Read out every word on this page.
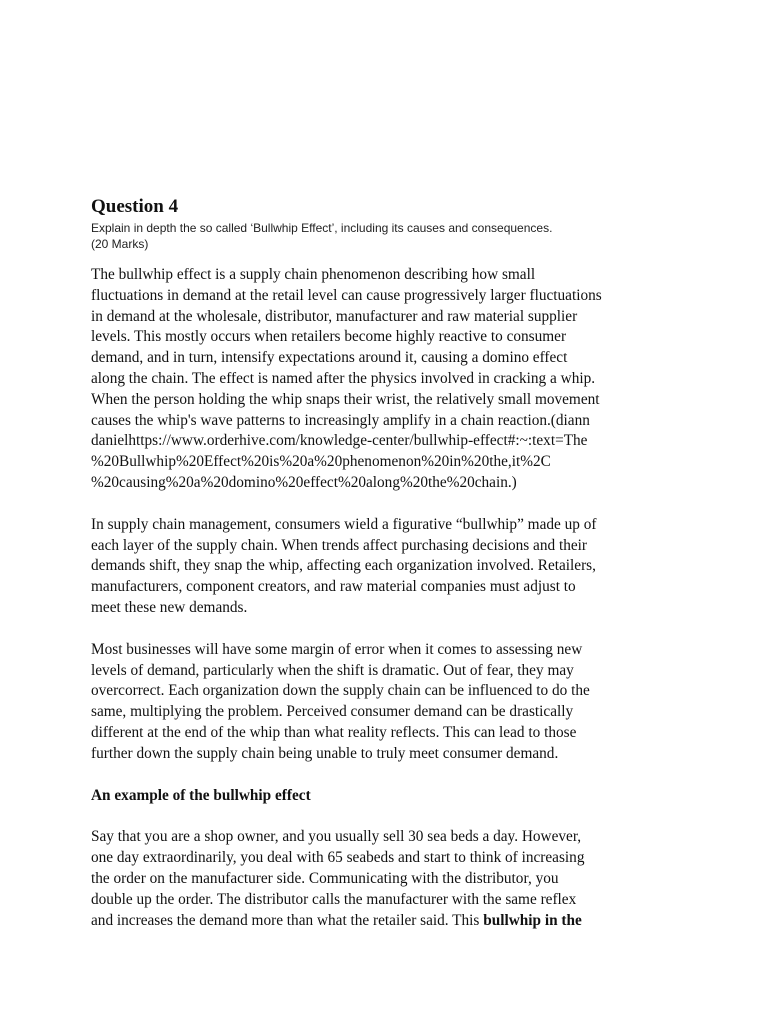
Question 4

Explain in depth the so called ‘Bullwhip Effect’, including its causes and consequences.

(20 Marks)

The bullwhip effect is a supply chain phenomenon describing how small
fluctuations in demand at the retail level can cause progressively larger fluctuations
in demand at the wholesale, distributor, manufacturer and raw material supplier
levels. This mostly occurs when retailers become highly reactive to consumer
demand, and in turn, intensify expectations around it, causing a domino effect
along the chain. The effect is named after the physics involved in cracking a whip.
When the person holding the whip snaps their wrist, the relatively small movement
causes the whip's wave patterns to increasingly amplify in a chain reaction.(diann
danielhttps://www.orderhive.com/knowledge-center/bullwhip-effect#:~:text=The
%20Bullwhip%20Effect%20is%20a%20phenomenon%20in%20the,it%2C
%20causing%20a%20domino%20effect%20along%20the%20chain.)

In supply chain management, consumers wield a figurative “bullwhip” made up of
each layer of the supply chain. When trends affect purchasing decisions and their
demands shift, they snap the whip, affecting each organization involved. Retailers,
manufacturers, component creators, and raw material companies must adjust to
meet these new demands.

Most businesses will have some margin of error when it comes to assessing new
levels of demand, particularly when the shift is dramatic. Out of fear, they may
overcorrect. Each organization down the supply chain can be influenced to do the
same, multiplying the problem. Perceived consumer demand can be drastically
different at the end of the whip than what reality reflects. This can lead to those
further down the supply chain being unable to truly meet consumer demand.

An example of the bullwhip effect

Say that you are a shop owner, and you usually sell 30 sea beds a day. However,
one day extraordinarily, you deal with 65 seabeds and start to think of increasing
the order on the manufacturer side. Communicating with the distributor, you
double up the order. The distributor calls the manufacturer with the same reflex
and increases the demand more than what the retailer said. This bullwhip in the
